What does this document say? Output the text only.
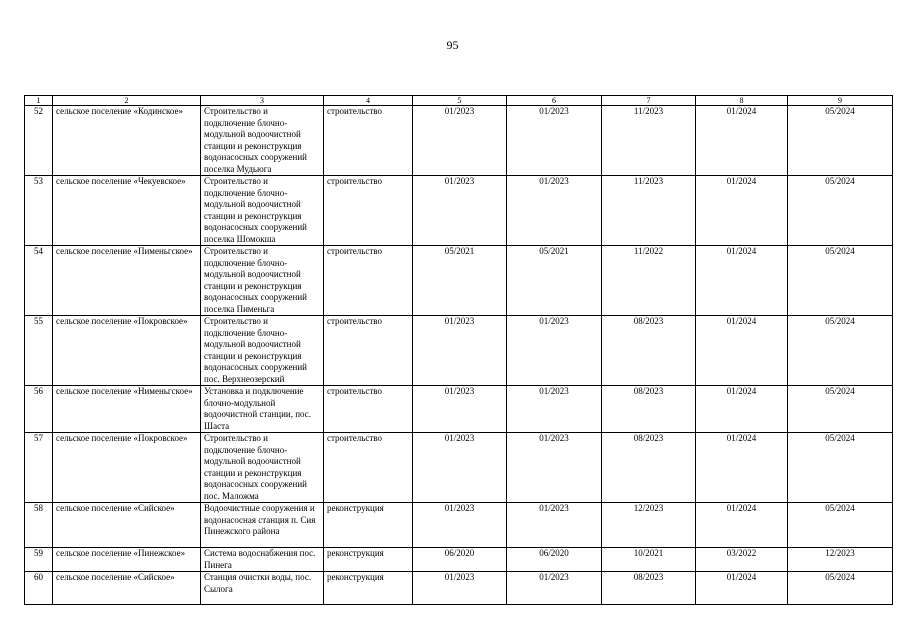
95
1	2	3	4	5	6	7	8	9
52	сельское поселение «Кодинское»	Строительство и подключение блочно-модульной водоочистной станции и реконструкция водонасосных сооружений поселка Мудьюга	строительство	01/2023	01/2023	11/2023	01/2024	05/2024
53	сельское поселение «Чекуевское»	Строительство и подключение блочно-модульной водоочистной станции и реконструкция водонасосных сооружений поселка Шомокша	строительство	01/2023	01/2023	11/2023	01/2024	05/2024
54	сельское поселение «Пименьгское»	Строительство и подключение блочно-модульной водоочистной станции и реконструкция водонасосных сооружений поселка Пименьга	строительство	05/2021	05/2021	11/2022	01/2024	05/2024
55	сельское поселение «Покровское»	Строительство и подключение блочно-модульной водоочистной станции и реконструкция водонасосных сооружений пос. Верхнеозерский	строительство	01/2023	01/2023	08/2023	01/2024	05/2024
56	сельское поселение «Нименьгское»	Установка и подключение блочно-модульной водоочистной станции, пос. Шаста	строительство	01/2023	01/2023	08/2023	01/2024	05/2024
57	сельское поселение «Покровское»	Строительство и подключение блочно-модульной водоочистной станции и реконструкция водонасосных сооружений пос. Маложма	строительство	01/2023	01/2023	08/2023	01/2024	05/2024
58	сельское поселение «Сийское»	Водоочистные сооружения и водонасосная станция п. Сия Пинежского района	реконструкция	01/2023	01/2023	12/2023	01/2024	05/2024
59	сельское поселение «Пинежское»	Система водоснабжения пос. Пинега	реконструкция	06/2020	06/2020	10/2021	03/2022	12/2023
60	сельское поселение «Сийское»	Станция очистки воды, пос. Сылога	реконструкция	01/2023	01/2023	08/2023	01/2024	05/2024
